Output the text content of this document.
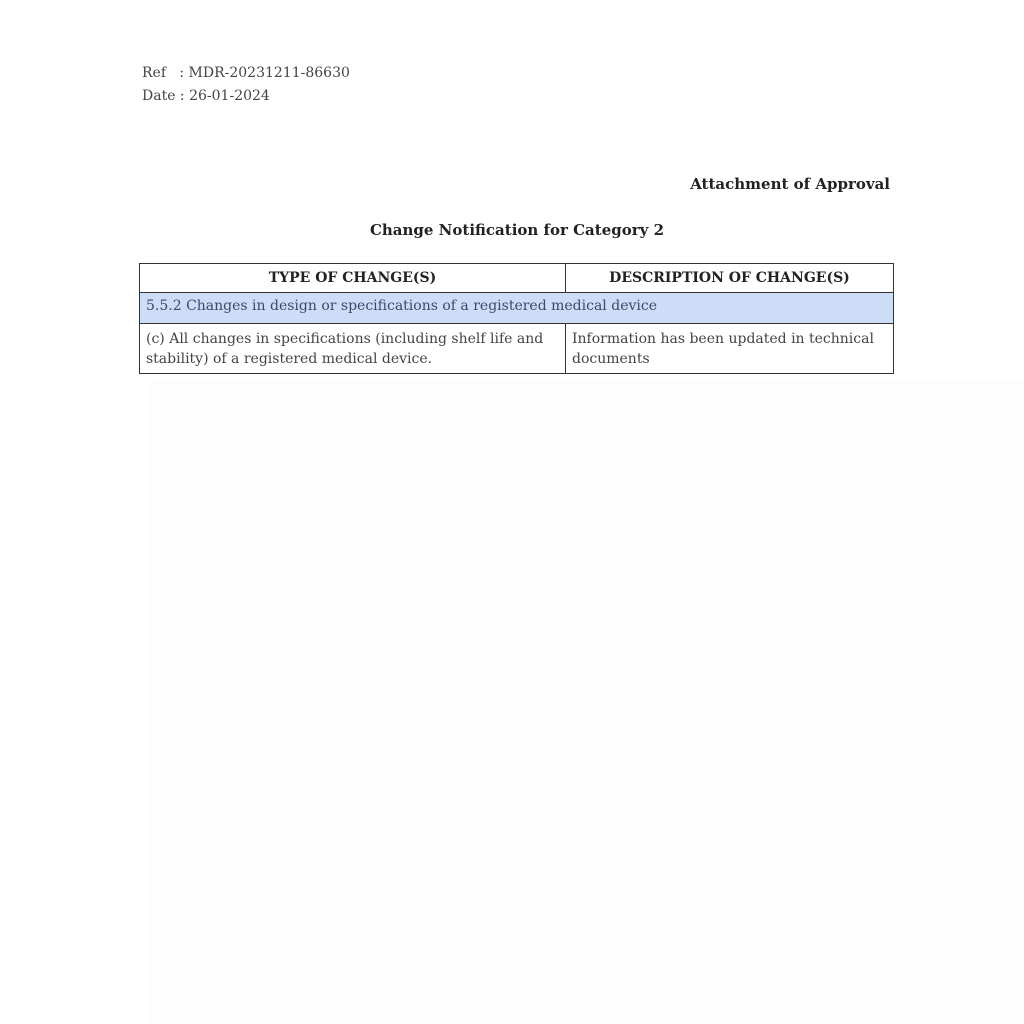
Ref   : MDR-20231211-86630
Date : 26-01-2024
Attachment of Approval
Change Notification for Category 2
TYPE OF CHANGE(S)	DESCRIPTION OF CHANGE(S)
5.5.2 Changes in design or specifications of a registered medical device	
(c) All changes in specifications (including shelf life and stability) of a registered medical device.	Information has been updated in technical documents
